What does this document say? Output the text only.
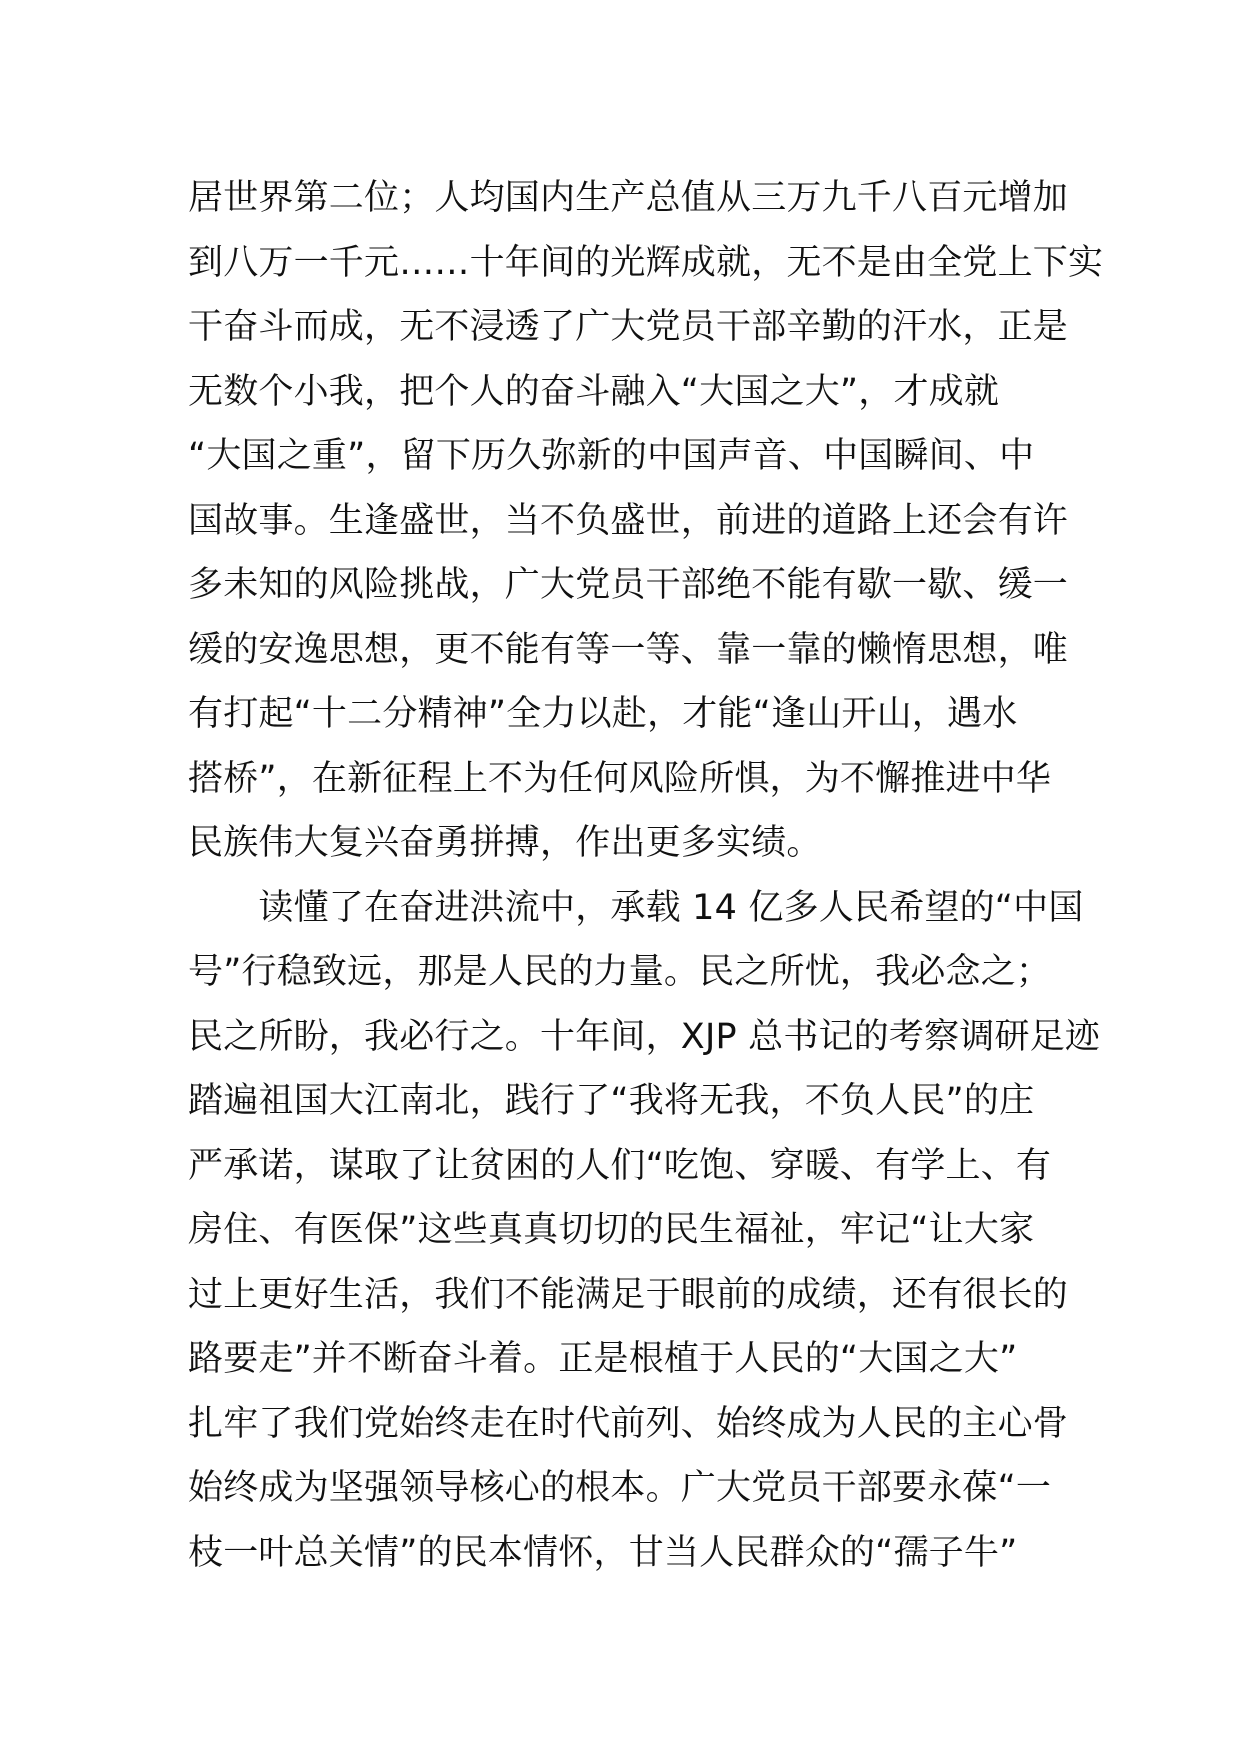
居世界第二位；人均国内生产总值从三万九千八百元增加
到八万一千元……十年间的光辉成就，无不是由全党上下实
干奋斗而成，无不浸透了广大党员干部辛勤的汗水，正是
无数个小我，把个人的奋斗融入“大国之大”，才成就
“大国之重”，留下历久弥新的中国声音、中国瞬间、中
国故事。生逢盛世，当不负盛世，前进的道路上还会有许
多未知的风险挑战，广大党员干部绝不能有歇一歇、缓一
缓的安逸思想，更不能有等一等、靠一靠的懒惰思想，唯
有打起“十二分精神”全力以赴，才能“逢山开山，遇水
搭桥”，在新征程上不为任何风险所惧，为不懈推进中华
民族伟大复兴奋勇拼搏，作出更多实绩。
　　读懂了在奋进洪流中，承载 14 亿多人民希望的“中国
号”行稳致远，那是人民的力量。民之所忧，我必念之；
民之所盼，我必行之。十年间，XJP 总书记的考察调研足迹
踏遍祖国大江南北，践行了“我将无我，不负人民”的庄
严承诺，谋取了让贫困的人们“吃饱、穿暖、有学上、有
房住、有医保”这些真真切切的民生福祉，牢记“让大家
过上更好生活，我们不能满足于眼前的成绩，还有很长的
路要走”并不断奋斗着。正是根植于人民的“大国之大”
扎牢了我们党始终走在时代前列、始终成为人民的主心骨
始终成为坚强领导核心的根本。广大党员干部要永葆“一
枝一叶总关情”的民本情怀，甘当人民群众的“孺子牛”
